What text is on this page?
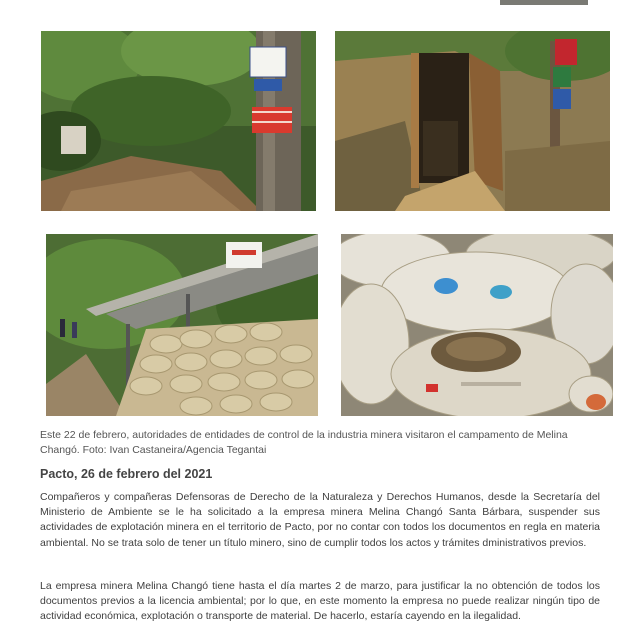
Este 22 de febrero, autoridades de entidades de control de la industria minera visitaron el campamento de Melina Changó. Foto: Ivan Castaneira/Agencia Tegantai
Pacto, 26 de febrero del 2021
Compañeros y compañeras Defensoras de Derecho de la Naturaleza y Derechos Humanos, desde la Secretaría del Ministerio de Ambiente se le ha solicitado a la empresa minera Melina Changó Santa Bárbara, suspender sus actividades de explotación minera en el territorio de Pacto, por no contar con todos los documentos en regla en materia ambiental. No se trata solo de tener un título minero, sino de cumplir todos los actos y trámites dministrativos previos.
La empresa minera Melina Changó tiene hasta el día martes 2 de marzo, para justificar la no obtención de todos los documentos previos a la licencia ambiental; por lo que, en este momento la empresa no puede realizar ningún tipo de actividad económica, explotación o transporte de material. De hacerlo, estaría cayendo en la ilegalidad.
